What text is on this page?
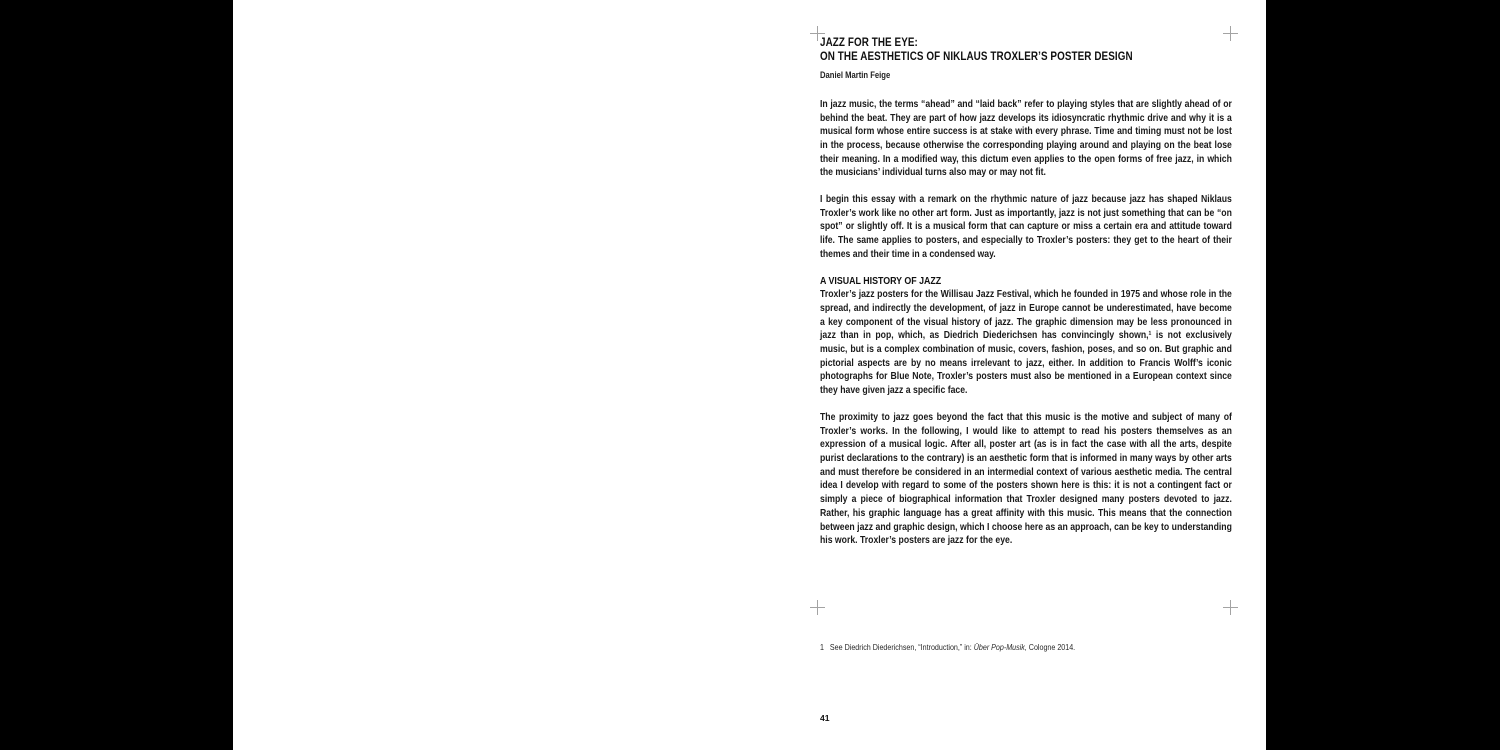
JAZZ FOR THE EYE:
ON THE AESTHETICS OF NIKLAUS TROXLER’S POSTER DESIGN
Daniel Martin Feige

In jazz music, the terms “ahead” and “laid back” refer to playing styles that are slightly ahead of or behind the beat. They are part of how jazz develops its idiosyncratic rhythmic drive and why it is a musical form whose entire success is at stake with every phrase. Time and timing must not be lost in the process, because otherwise the corresponding playing around and playing on the beat lose their meaning. In a modified way, this dictum even applies to the open forms of free jazz, in which the musicians’ individual turns also may or may not fit.

I begin this essay with a remark on the rhythmic nature of jazz because jazz has shaped Niklaus Troxler’s work like no other art form. Just as importantly, jazz is not just something that can be “on spot” or slightly off. It is a musical form that can capture or miss a certain era and attitude toward life. The same applies to posters, and especially to Troxler’s posters: they get to the heart of their themes and their time in a condensed way.

A VISUAL HISTORY OF JAZZ

Troxler’s jazz posters for the Willisau Jazz Festival, which he founded in 1975 and whose role in the spread, and indirectly the development, of jazz in Europe cannot be underestimated, have become a key component of the visual history of jazz. The graphic dimension may be less pronounced in jazz than in pop, which, as Diedrich Diederichsen has convincingly shown,¹ is not exclusively music, but is a complex combination of music, covers, fashion, poses, and so on. But graphic and pictorial aspects are by no means irrelevant to jazz, either. In addition to Francis Wolff’s iconic photographs for Blue Note, Troxler’s posters must also be mentioned in a European context since they have given jazz a specific face.

The proximity to jazz goes beyond the fact that this music is the motive and subject of many of Troxler’s works. In the following, I would like to attempt to read his posters themselves as an expression of a musical logic. After all, poster art (as is in fact the case with all the arts, despite purist declarations to the contrary) is an aesthetic form that is informed in many ways by other arts and must therefore be considered in an intermedial context of various aesthetic media. The central idea I develop with regard to some of the posters shown here is this: it is not a contingent fact or simply a piece of biographical information that Troxler designed many posters devoted to jazz. Rather, his graphic language has a great affinity with this music. This means that the connection between jazz and graphic design, which I choose here as an approach, can be key to understanding his work. Troxler’s posters are jazz for the eye.

1 See Diedrich Diederichsen, “Introduction,” in: Über Pop-Musik, Cologne 2014.
41
